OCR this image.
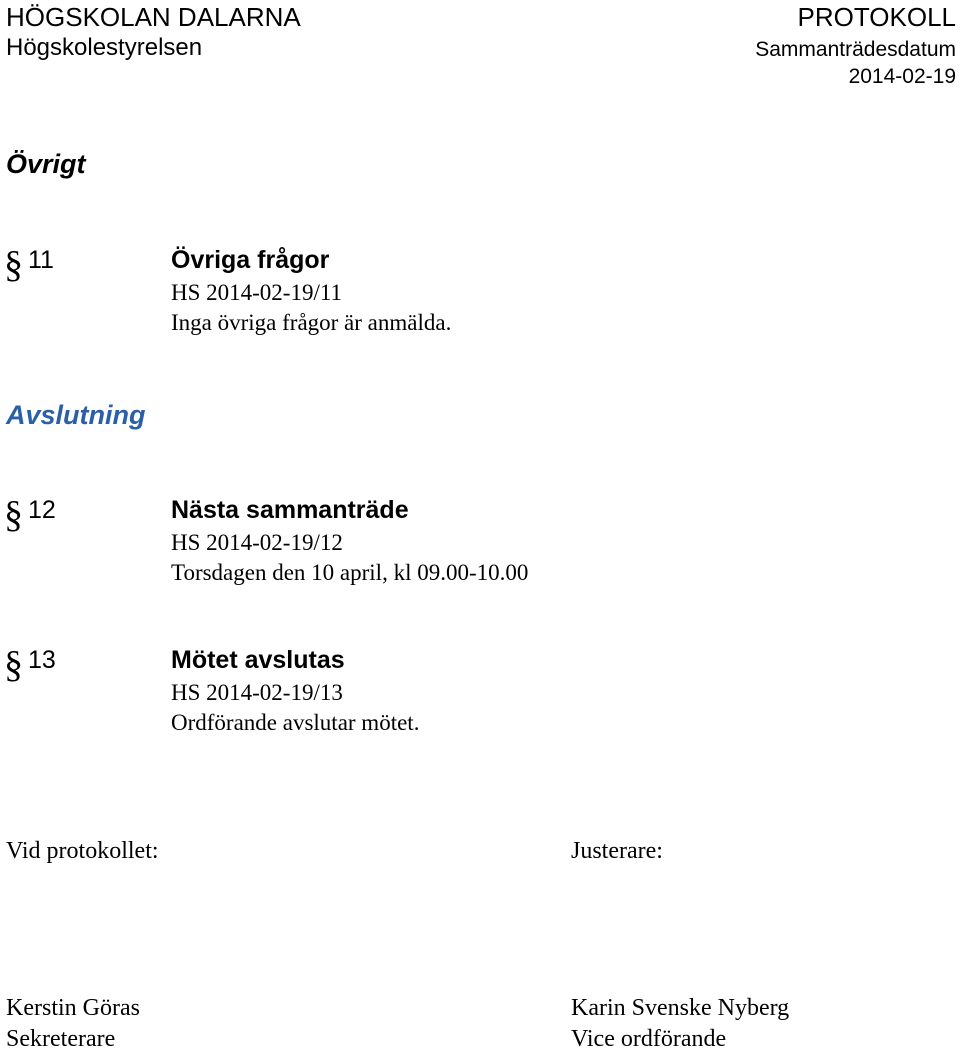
HÖGSKOLAN DALARNA
Högskolestyrelsen
PROTOKOLL
Sammanträdesdatum
2014-02-19
Övrigt
§ 11	Övriga frågor
HS 2014-02-19/11
Inga övriga frågor är anmälda.
Avslutning
§ 12	Nästa sammanträde
HS 2014-02-19/12
Torsdagen den 10 april, kl 09.00-10.00
§ 13	Mötet avslutas
HS 2014-02-19/13
Ordförande avslutar mötet.
Vid protokollet:	Justerare:
Kerstin Göras
Sekreterare
Karin Svenske Nyberg
Vice ordförande
